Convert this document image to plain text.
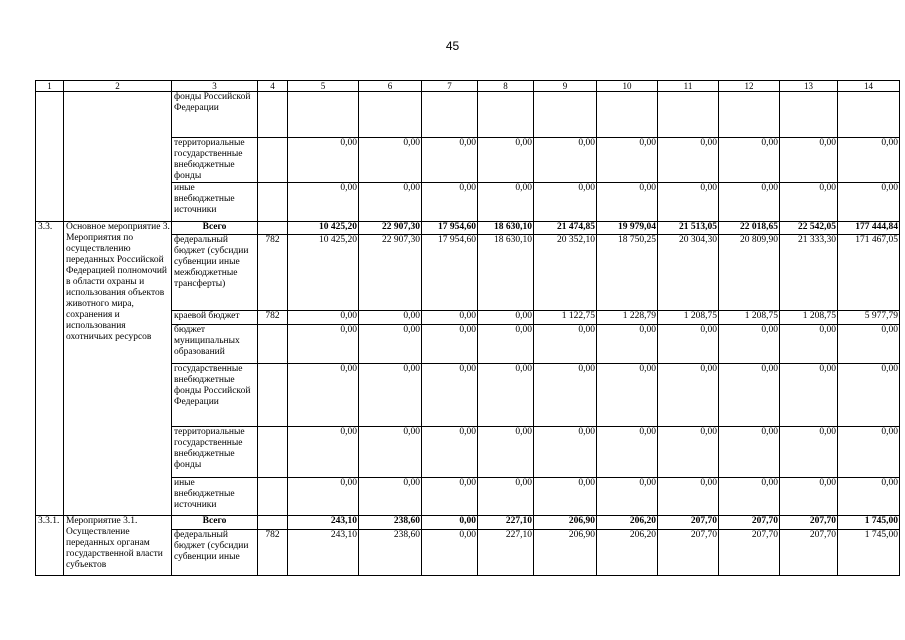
45
1	2	3	4	5	6	7	8	9	10	11	12	13	14
		фонды Российской Федерации											
		территориальные государственные внебюджетные фонды		0,00	0,00	0,00	0,00	0,00	0,00	0,00	0,00	0,00	0,00
		иные внебюджетные источники		0,00	0,00	0,00	0,00	0,00	0,00	0,00	0,00	0,00	0,00
3.3.	Основное мероприятие 3. Мероприятия по осуществлению переданных Российской Федерацией полномочий в области охраны и использования объектов животного мира, сохранения и использования охотничьих ресурсов	Всего		10 425,20	22 907,30	17 954,60	18 630,10	21 474,85	19 979,04	21 513,05	22 018,65	22 542,05	177 444,84
		федеральный бюджет (субсидии субвенции иные межбюджетные трансферты)	782	10 425,20	22 907,30	17 954,60	18 630,10	20 352,10	18 750,25	20 304,30	20 809,90	21 333,30	171 467,05
		краевой бюджет	782	0,00	0,00	0,00	0,00	1 122,75	1 228,79	1 208,75	1 208,75	1 208,75	5 977,79
		бюджет муниципальных образований		0,00	0,00	0,00	0,00	0,00	0,00	0,00	0,00	0,00	0,00
		государственные внебюджетные фонды Российской Федерации		0,00	0,00	0,00	0,00	0,00	0,00	0,00	0,00	0,00	0,00
		территориальные государственные внебюджетные фонды		0,00	0,00	0,00	0,00	0,00	0,00	0,00	0,00	0,00	0,00
		иные внебюджетные источники		0,00	0,00	0,00	0,00	0,00	0,00	0,00	0,00	0,00	0,00
3.3.1.	Мероприятие 3.1. Осуществление переданных органам государственной власти субъектов	Всего		243,10	238,60	0,00	227,10	206,90	206,20	207,70	207,70	207,70	1 745,00
		федеральный бюджет (субсидии субвенции иные	782	243,10	238,60	0,00	227,10	206,90	206,20	207,70	207,70	207,70	1 745,00
